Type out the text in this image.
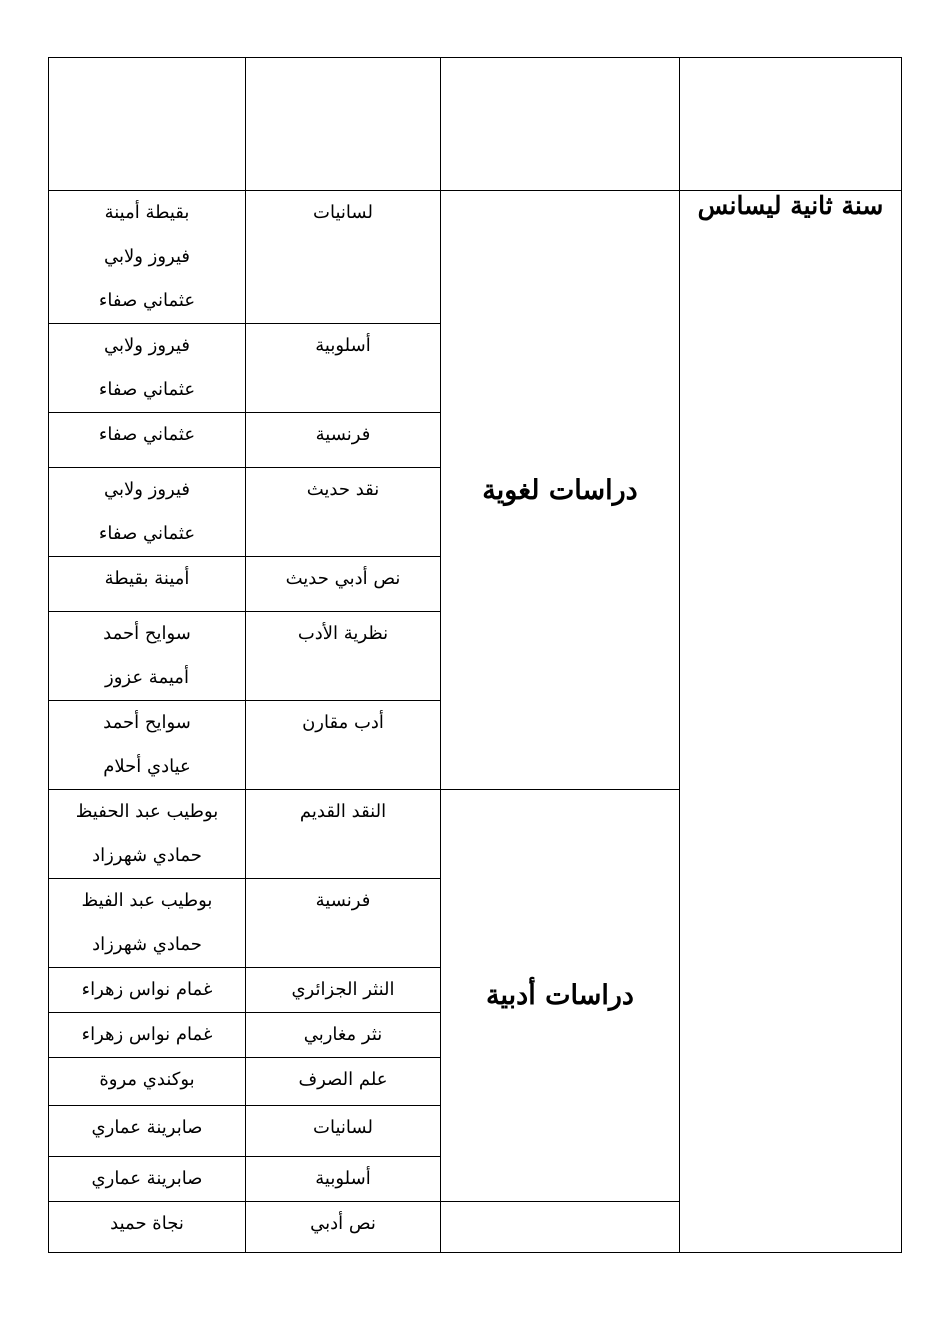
بقيطة أمينة
فيروز ولابي
عثماني صفاء	لسانيات	دراسات لغوية	سنة ثانية ليسانس

فيروز ولابي
عثماني صفاء	أسلوبية		

عثماني صفاء	فرنسية		

فيروز ولابي
عثماني صفاء	نقد حديث		

أمينة بقيطة	نص أدبي حديث		

سوايح أحمد
أميمة عزوز	نظرية الأدب		

سوايح أحمد
عيادي أحلام	أدب مقارن		

بوطيب عبد الحفيظ
حمادي شهرزاد	النقد القديم	دراسات أدبية	

بوطيب عبد الفيظ
حمادي شهرزاد	فرنسية		

غمام نواس زهراء	النثر الجزائري		

غمام نواس زهراء	نثر مغاربي		

بوكندي مروة	علم الصرف		

صابرينة عماري	لسانيات		

صابرينة عماري	أسلوبية		

نجاة حميد	نص أدبي		
